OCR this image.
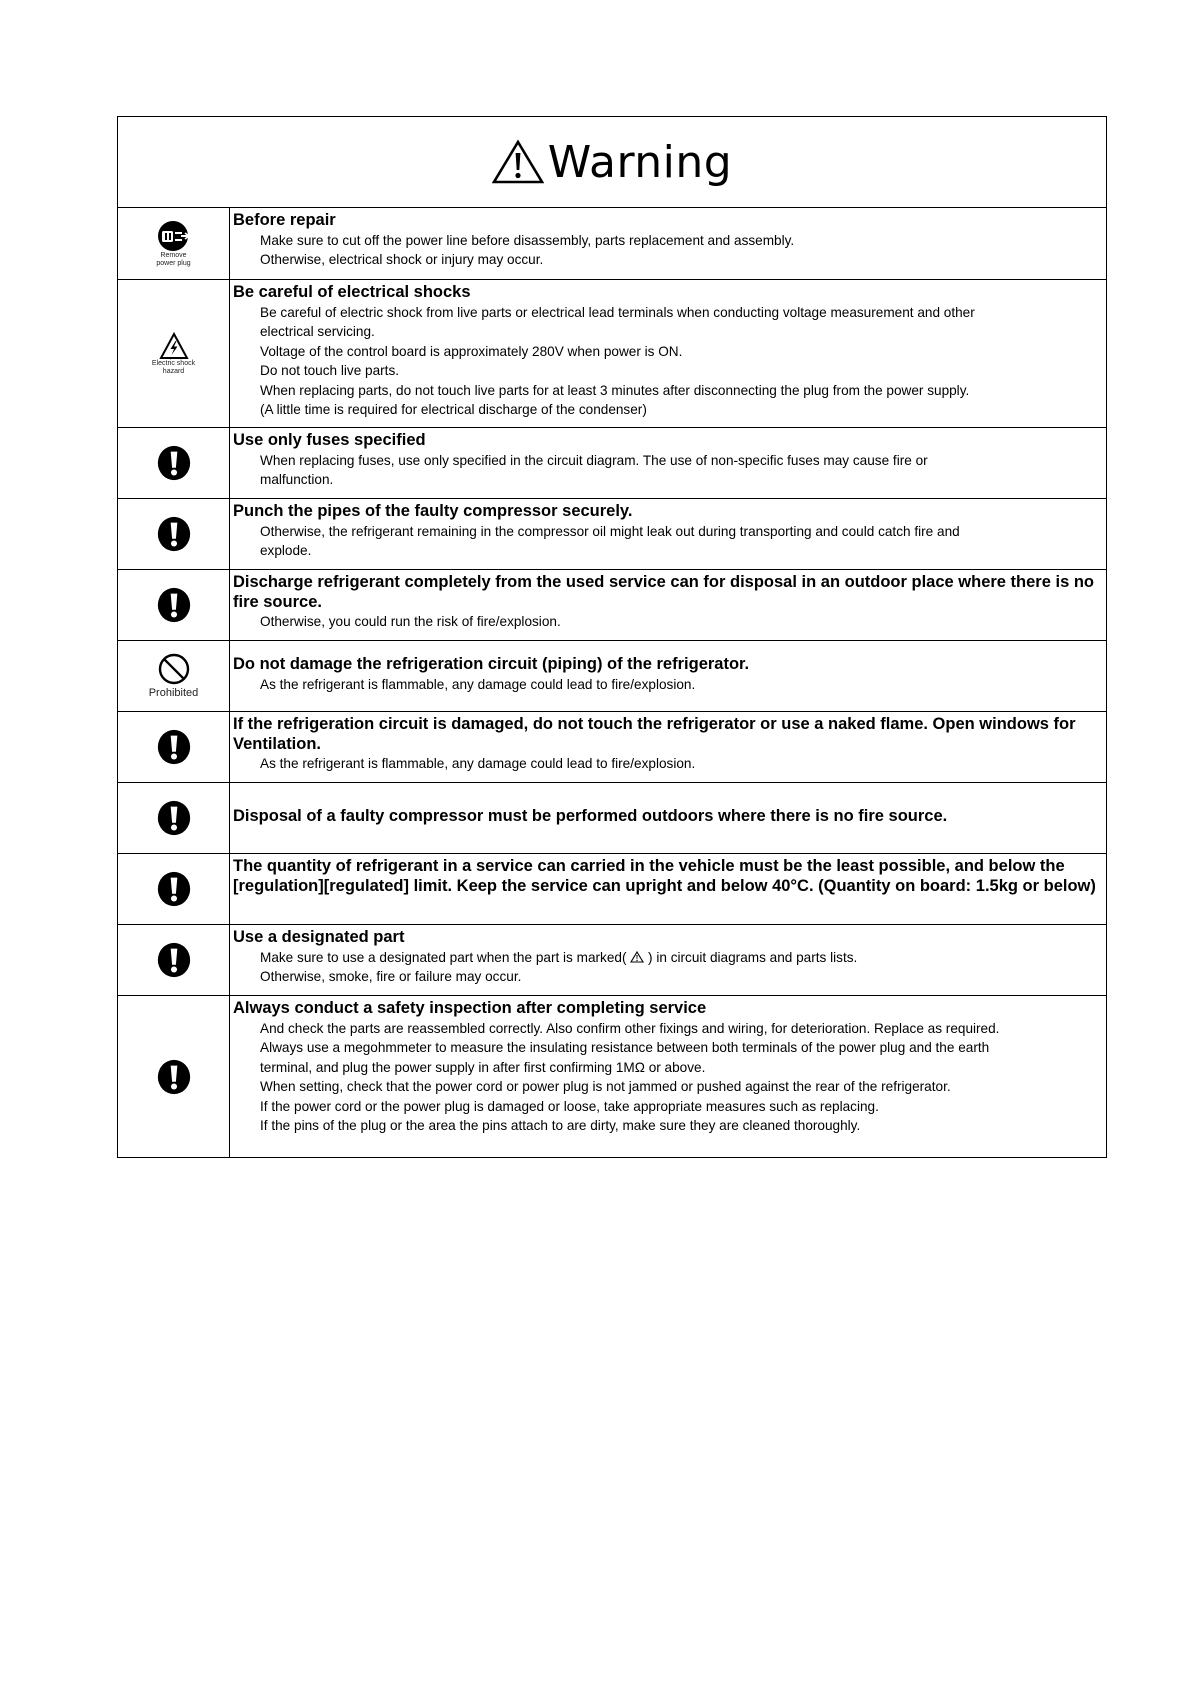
Warning
Remove
power plug
Before repair
Make sure to cut off the power line before disassembly, parts replacement and assembly.
Otherwise, electrical shock or injury may occur.
Electric shock
hazard
Be careful of electrical shocks
Be careful of electric shock from live parts or electrical lead terminals when conducting voltage measurement and other
electrical servicing.
Voltage of the control board is approximately 280V when power is ON.
Do not touch live parts.
When replacing parts, do not touch live parts for at least 3 minutes after disconnecting the plug from the power supply.
(A little time is required for electrical discharge of the condenser)
Use only fuses specified
When replacing fuses, use only specified in the circuit diagram. The use of non-specific fuses may cause fire or
malfunction.
Punch the pipes of the faulty compressor securely.
Otherwise, the refrigerant remaining in the compressor oil might leak out during transporting and could catch fire and
explode.
Discharge refrigerant completely from the used service can for disposal in an outdoor place where there is no fire source.
Otherwise, you could run the risk of fire/explosion.
Prohibited
Do not damage the refrigeration circuit (piping) of the refrigerator.
As the refrigerant is flammable, any damage could lead to fire/explosion.
If the refrigeration circuit is damaged, do not touch the refrigerator or use a naked flame. Open windows for Ventilation.
As the refrigerant is flammable, any damage could lead to fire/explosion.
Disposal of a faulty compressor must be performed outdoors where there is no fire source.
The quantity of refrigerant in a service can carried in the vehicle must be the least possible, and below the [regulation][regulated] limit. Keep the service can upright and below 40°C. (Quantity on board: 1.5kg or below)
Use a designated part
Make sure to use a designated part when the part is marked( ) in circuit diagrams and parts lists.
Otherwise, smoke, fire or failure may occur.
Always conduct a safety inspection after completing service
And check the parts are reassembled correctly. Also confirm other fixings and wiring, for deterioration. Replace as required.
Always use a megohmmeter to measure the insulating resistance between both terminals of the power plug and the earth
terminal, and plug the power supply in after first confirming 1MΩ or above.
When setting, check that the power cord or power plug is not jammed or pushed against the rear of the refrigerator.
If the power cord or the power plug is damaged or loose, take appropriate measures such as replacing.
If the pins of the plug or the area the pins attach to are dirty, make sure they are cleaned thoroughly.
